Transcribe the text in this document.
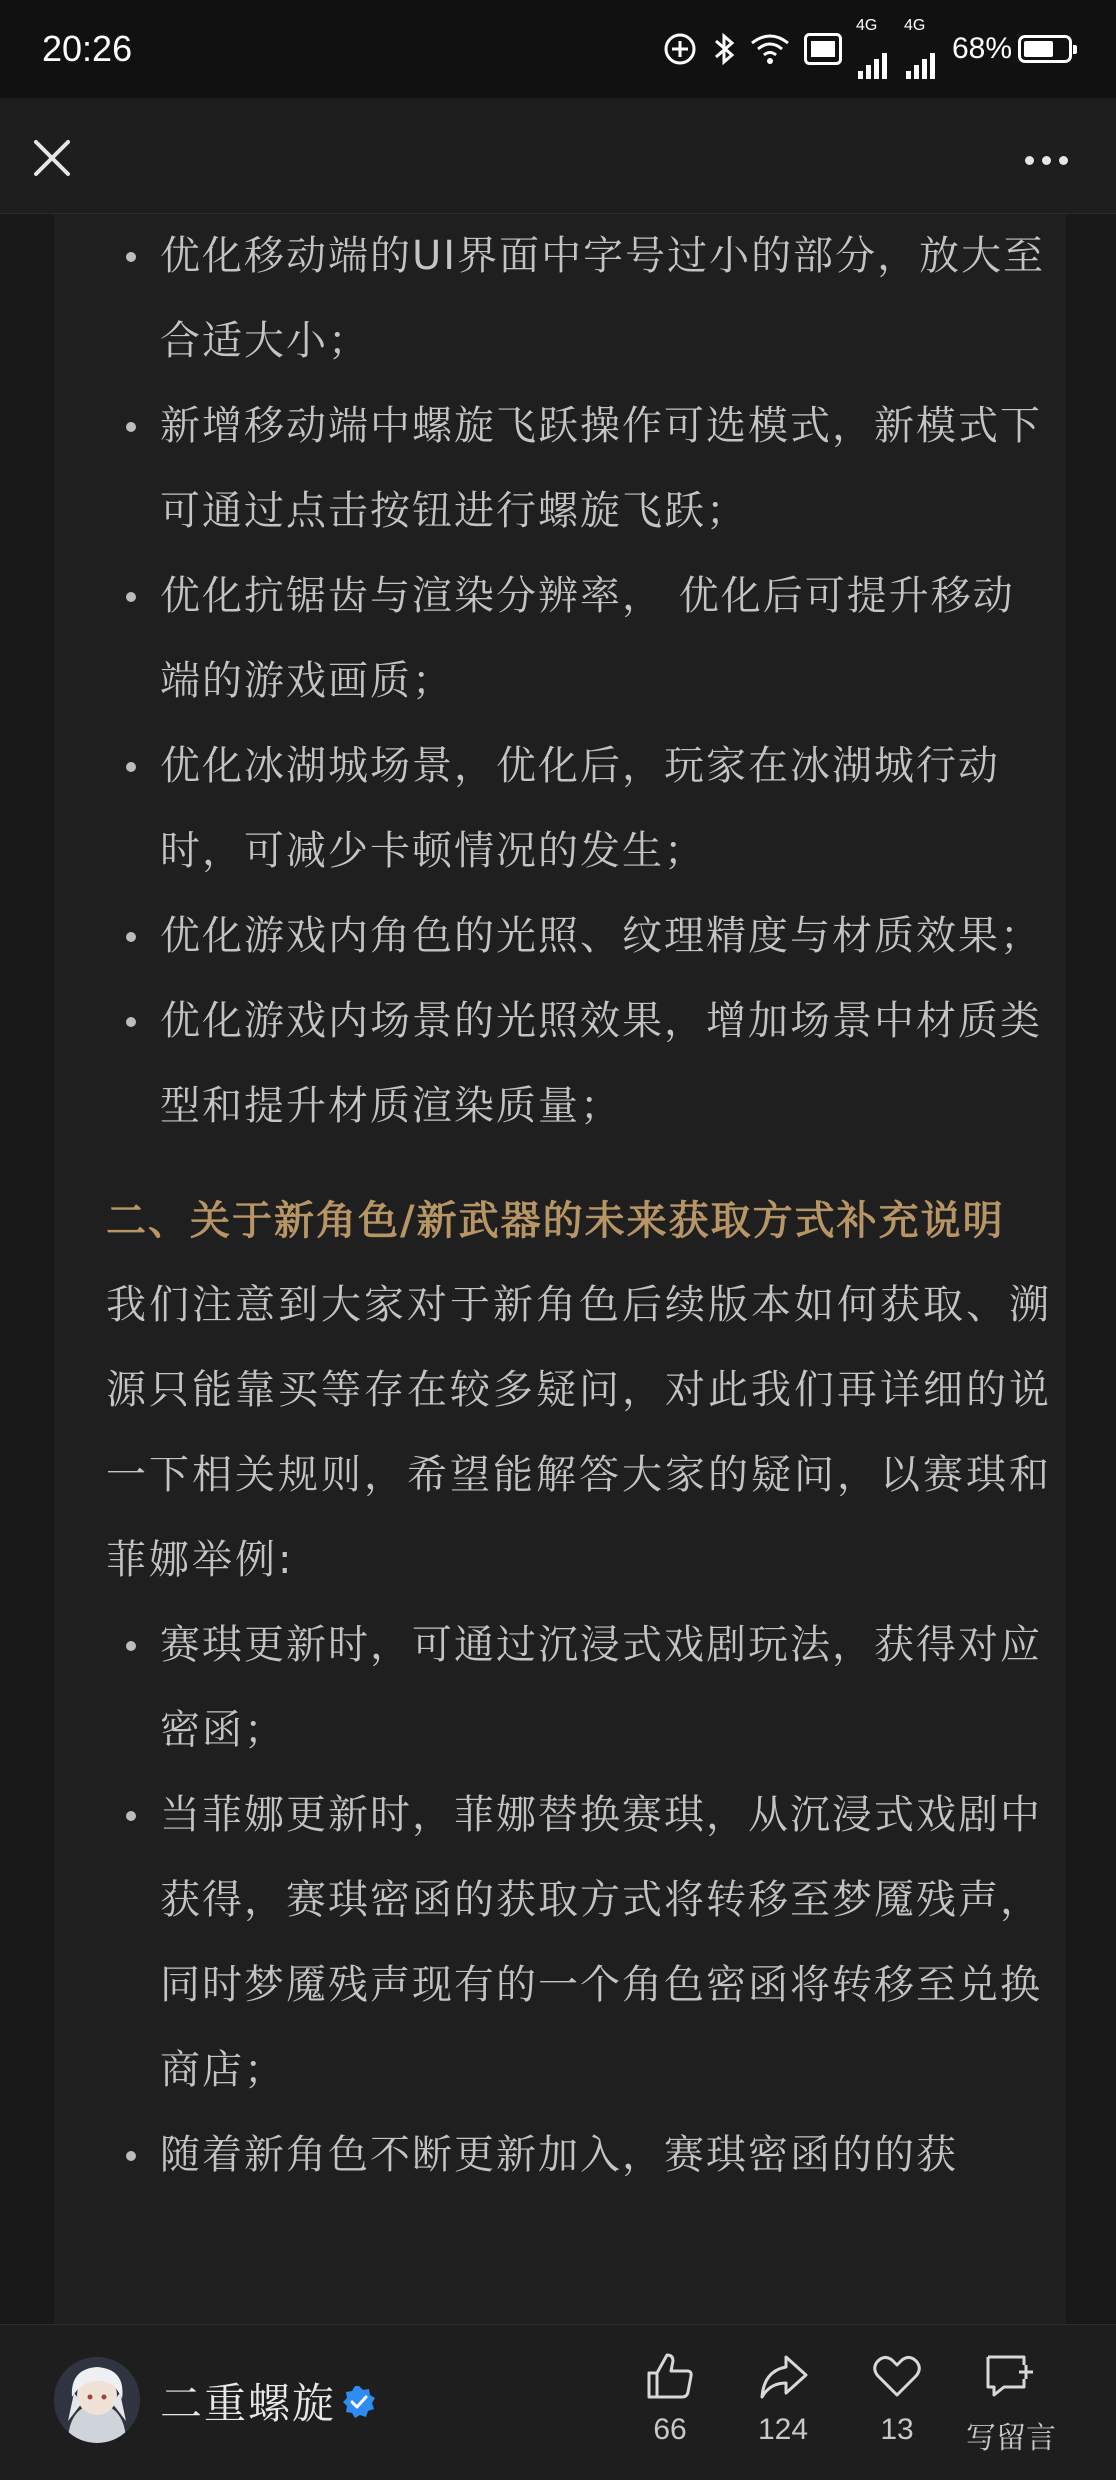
20:26
$^{4G}$	$^{4G}$
68%
优化移动端的UI界面中字号过小的部分，放大至合适大小；
新增移动端中螺旋飞跃操作可选模式，新模式下可通过点击按钮进行螺旋飞跃；
优化抗锯齿与渲染分辨率， 优化后可提升移动端的游戏画质；
优化冰湖城场景，优化后，玩家在冰湖城行动时，可减少卡顿情况的发生；
优化游戏内角色的光照、纹理精度与材质效果；
优化游戏内场景的光照效果，增加场景中材质类型和提升材质渲染质量；
二、关于新角色/新武器的未来获取方式补充说明

我们注意到大家对于新角色后续版本如何获取、溯源只能靠买等存在较多疑问，对此我们再详细的说一下相关规则，希望能解答大家的疑问，以赛琪和菲娜举例:

赛琪更新时，可通过沉浸式戏剧玩法，获得对应密函；
当菲娜更新时，菲娜替换赛琪，从沉浸式戏剧中获得，赛琪密函的获取方式将转移至梦魇残声，同时梦魇残声现有的一个角色密函将转移至兑换商店；
随着新角色不断更新加入，赛琪密函的的获
二重螺旋
66 124 13 写留言
